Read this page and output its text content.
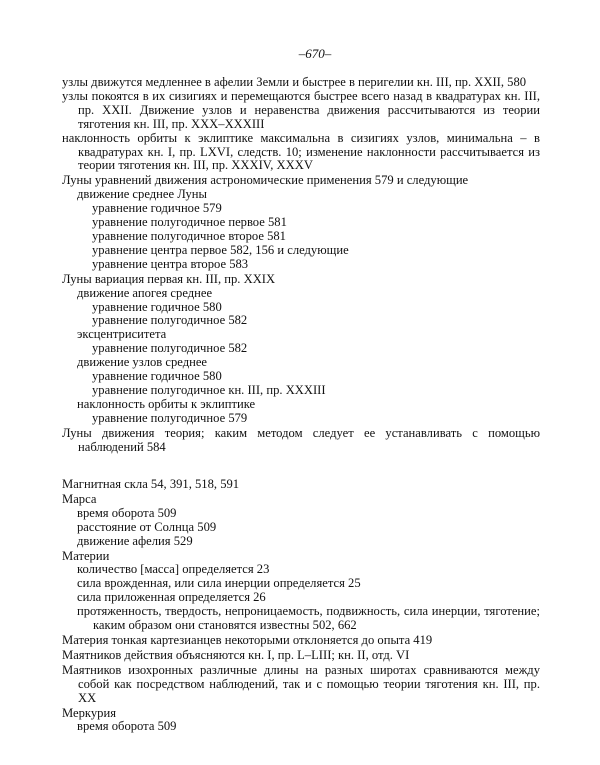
–670–
узлы движутся медленнее в афелии Земли и быстрее в перигелии кн. III, пр. XXII, 580
узлы покоятся в их сизигиях и перемещаются быстрее всего назад в квадратурах кн. III, пр. XXII. Движение узлов и неравенства движения рассчитываются из теории тяготения кн. III, пр. XXX–XXXIII
наклонность орбиты к эклиптике максимальна в сизигиях узлов, минимальна – в квадратурах кн. I, пр. LXVI, следств. 10; изменение наклонности рассчитывается из теории тяготения кн. III, пр. XXXIV, XXXV
Луны уравнений движения астрономические применения 579 и следующие
движение среднее Луны
уравнение годичное 579
уравнение полугодичное первое 581
уравнение полугодичное второе 581
уравнение центра первое 582, 156 и следующие
уравнение центра второе 583
Луны вариация первая кн. III, пр. XXIX
движение апогея среднее
уравнение годичное 580
уравнение полугодичное 582
эксцентриситета
уравнение полугодичное 582
движение узлов среднее
уравнение годичное 580
уравнение полугодичное кн. III, пр. XXXIII
наклонность орбиты к эклиптике
уравнение полугодичное 579
Луны движения теория; каким методом следует ее устанавливать с помощью наблюдений 584
Магнитная скла 54, 391, 518, 591
Марса
время оборота 509
расстояние от Солнца 509
движение афелия 529
Материи
количество [масса] определяется 23
сила врожденная, или сила инерции определяется 25
сила приложенная определяется 26
протяженность, твердость, непроницаемость, подвижность, сила инерции, тяготение; каким образом они становятся известны 502, 662
Материя тонкая картезианцев некоторыми отклоняется до опыта 419
Маятников действия объясняются кн. I, пр. L–LIII; кн. II, отд. VI
Маятников изохронных различные длины на разных широтах сравниваются между собой как посредством наблюдений, так и с помощью теории тяготения кн. III, пр. XX
Меркурия
время оборота 509
